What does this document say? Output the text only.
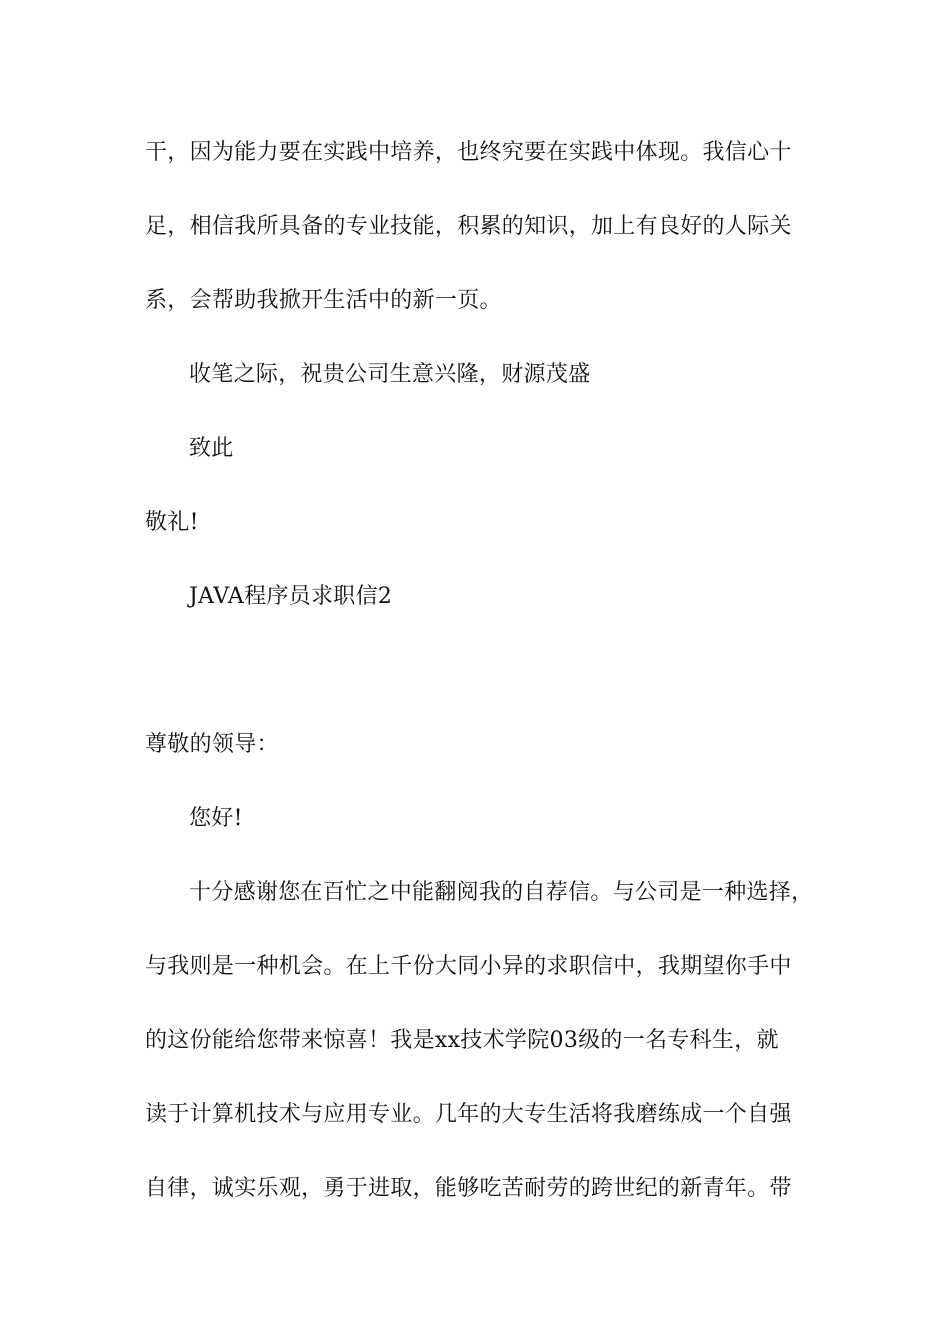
干，因为能力要在实践中培养，也终究要在实践中体现。我信心十
足，相信我所具备的专业技能，积累的知识，加上有良好的人际关
系，会帮助我掀开生活中的新一页。
收笔之际，祝贵公司生意兴隆，财源茂盛
致此
敬礼!
JAVA程序员求职信2
尊敬的领导：
您好!
十分感谢您在百忙之中能翻阅我的自荐信。与公司是一种选择，
与我则是一种机会。在上千份大同小异的求职信中，我期望你手中
的这份能给您带来惊喜！我是xx技术学院03级的一名专科生，就
读于计算机技术与应用专业。几年的大专生活将我磨练成一个自强
自律，诚实乐观，勇于进取，能够吃苦耐劳的跨世纪的新青年。带
